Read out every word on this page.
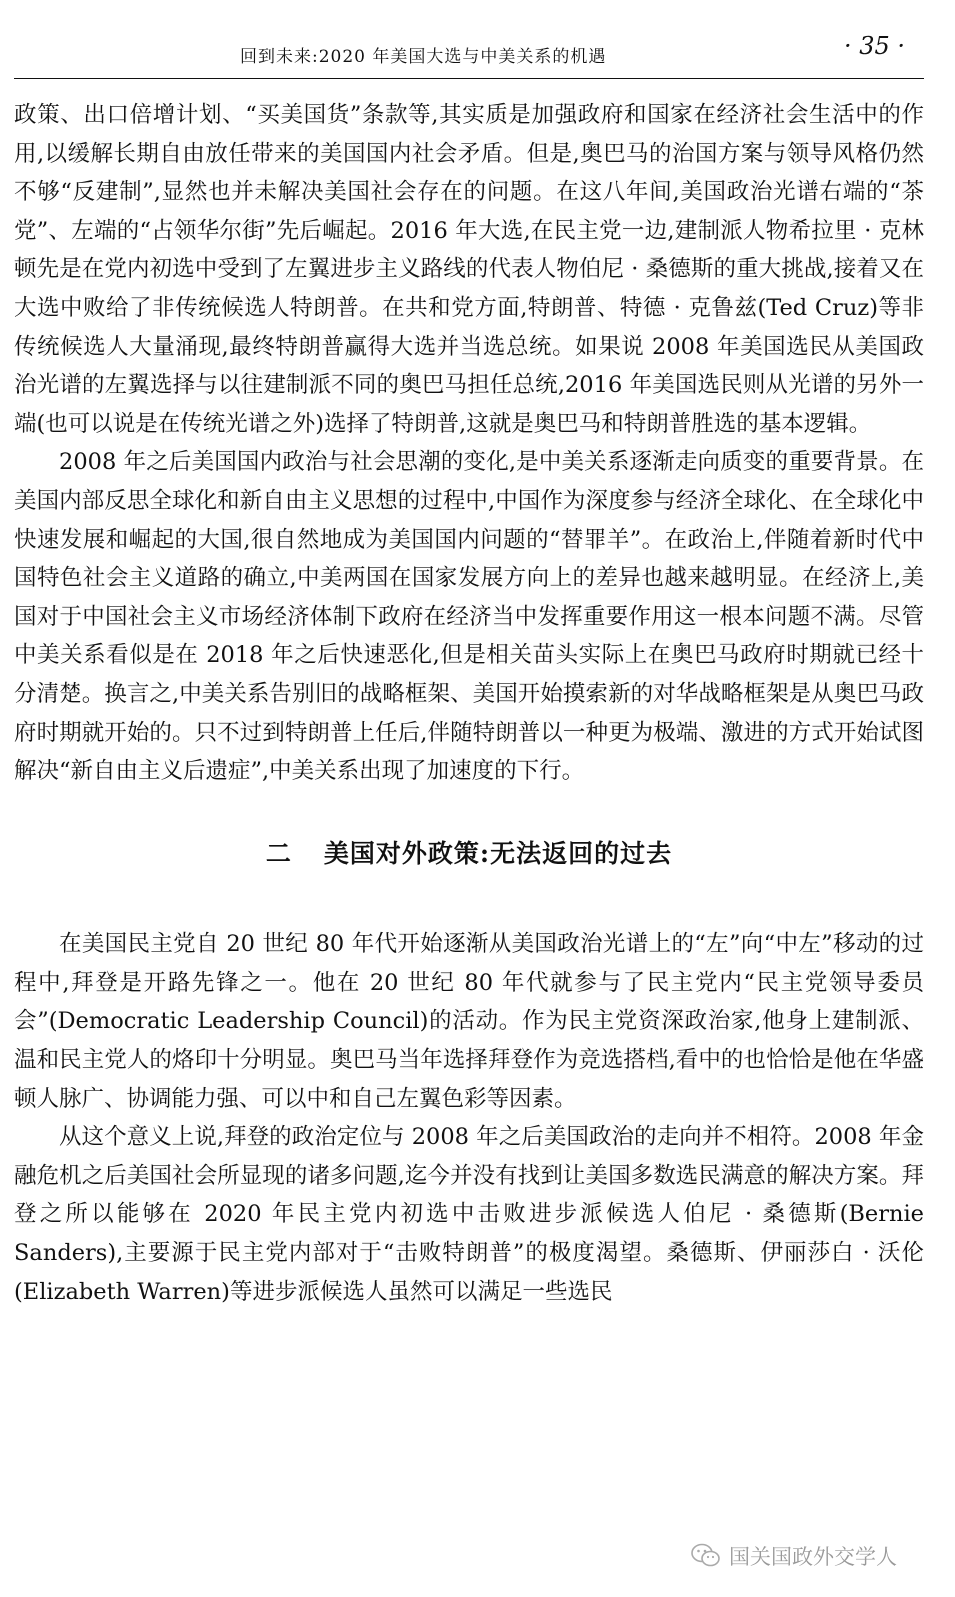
回到未来:2020 年美国大选与中美关系的机遇	· 35 ·

政策、出口倍增计划、“买美国货”条款等,其实质是加强政府和国家在经济社会生活中的作用,以缓解长期自由放任带来的美国国内社会矛盾。但是,奥巴马的治国方案与领导风格仍然不够“反建制”,显然也并未解决美国社会存在的问题。在这八年间,美国政治光谱右端的“茶党”、左端的“占领华尔街”先后崛起。2016 年大选,在民主党一边,建制派人物希拉里 · 克林顿先是在党内初选中受到了左翼进步主义路线的代表人物伯尼 · 桑德斯的重大挑战,接着又在大选中败给了非传统候选人特朗普。在共和党方面,特朗普、特德 · 克鲁兹(Ted Cruz)等非传统候选人大量涌现,最终特朗普赢得大选并当选总统。如果说 2008 年美国选民从美国政治光谱的左翼选择与以往建制派不同的奥巴马担任总统,2016 年美国选民则从光谱的另外一端(也可以说是在传统光谱之外)选择了特朗普,这就是奥巴马和特朗普胜选的基本逻辑。

2008 年之后美国国内政治与社会思潮的变化,是中美关系逐渐走向质变的重要背景。在美国内部反思全球化和新自由主义思想的过程中,中国作为深度参与经济全球化、在全球化中快速发展和崛起的大国,很自然地成为美国国内问题的“替罪羊”。在政治上,伴随着新时代中国特色社会主义道路的确立,中美两国在国家发展方向上的差异也越来越明显。在经济上,美国对于中国社会主义市场经济体制下政府在经济当中发挥重要作用这一根本问题不满。尽管中美关系看似是在 2018 年之后快速恶化,但是相关苗头实际上在奥巴马政府时期就已经十分清楚。换言之,中美关系告别旧的战略框架、美国开始摸索新的对华战略框架是从奥巴马政府时期就开始的。只不过到特朗普上任后,伴随特朗普以一种更为极端、激进的方式开始试图解决“新自由主义后遗症”,中美关系出现了加速度的下行。

二 美国对外政策:无法返回的过去

在美国民主党自 20 世纪 80 年代开始逐渐从美国政治光谱上的“左”向“中左”移动的过程中,拜登是开路先锋之一。他在 20 世纪 80 年代就参与了民主党内“民主党领导委员会”(Democratic Leadership Council)的活动。作为民主党资深政治家,他身上建制派、温和民主党人的烙印十分明显。奥巴马当年选择拜登作为竞选搭档,看中的也恰恰是他在华盛顿人脉广、协调能力强、可以中和自己左翼色彩等因素。

从这个意义上说,拜登的政治定位与 2008 年之后美国政治的走向并不相符。2008 年金融危机之后美国社会所显现的诸多问题,迄今并没有找到让美国多数选民满意的解决方案。拜登之所以能够在 2020 年民主党内初选中击败进步派候选人伯尼 · 桑德斯(Bernie Sanders),主要源于民主党内部对于“击败特朗普”的极度渴望。桑德斯、伊丽莎白 · 沃伦(Elizabeth Warren)等进步派候选人虽然可以满足一些选民

国关国政外交学人
